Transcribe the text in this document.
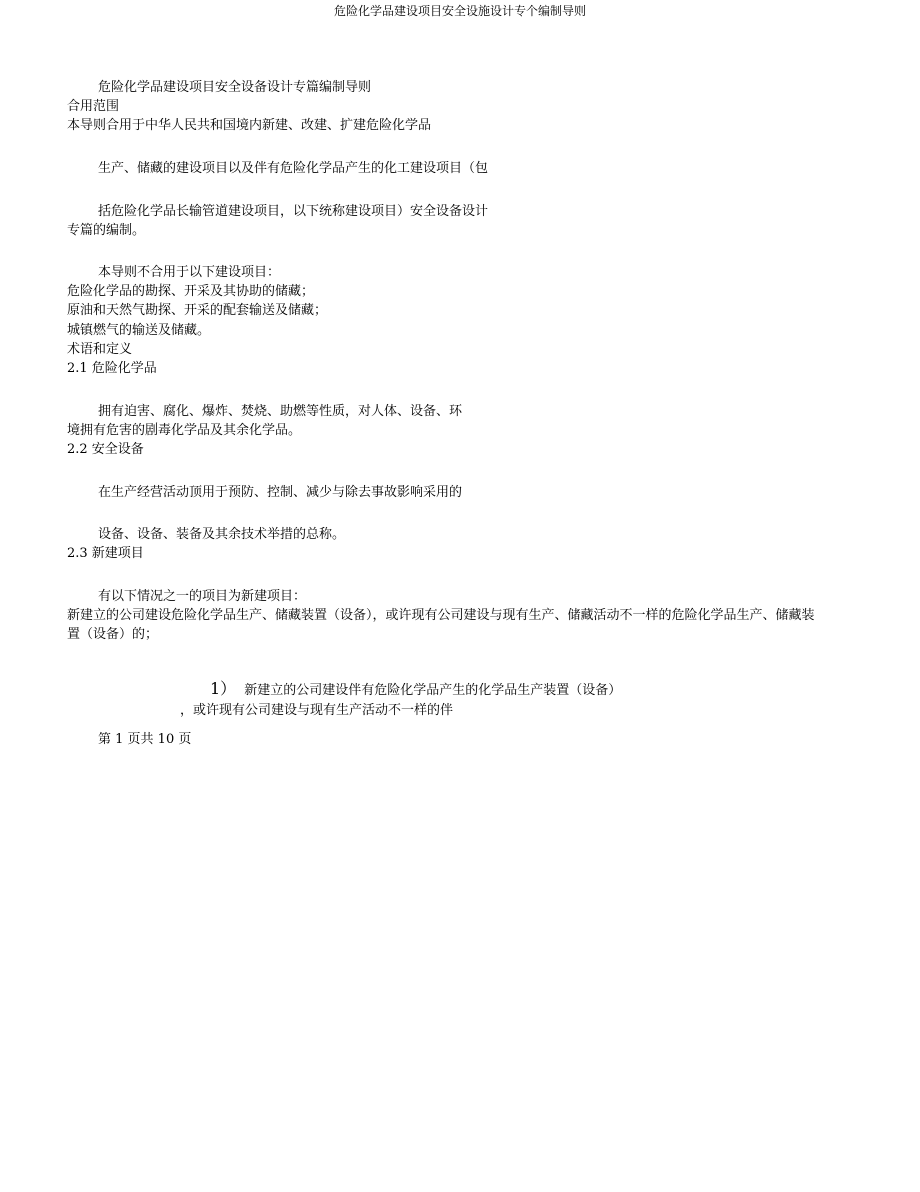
危险化学品建设项目安全设施设计专个编制导则
危险化学品建设项目安全设备设计专篇编制导则
合用范围
本导则合用于中华人民共和国境内新建、改建、扩建危险化学品
生产、储藏的建设项目以及伴有危险化学品产生的化工建设项目（包
括危险化学品长输管道建设项目，以下统称建设项目）安全设备设计
专篇的编制。
本导则不合用于以下建设项目：
危险化学品的勘探、开采及其协助的储藏；
原油和天然气勘探、开采的配套输送及储藏；
城镇燃气的输送及储藏。
术语和定义
2.1 危险化学品
拥有迫害、腐化、爆炸、焚烧、助燃等性质，对人体、设备、环
境拥有危害的剧毒化学品及其余化学品。
2.2 安全设备
在生产经营活动顶用于预防、控制、减少与除去事故影响采用的
设备、设备、装备及其余技术举措的总称。
2.3 新建项目
有以下情况之一的项目为新建项目：
新建立的公司建设危险化学品生产、储藏装置（设备），或许现有公司建设与现有生产、储藏活动不一样的危险化学品生产、储藏装置（设备）的；
1） 新建立的公司建设伴有危险化学品产生的化学品生产装置（设备）
，或许现有公司建设与现有生产活动不一样的伴
第 1 页共 10 页
